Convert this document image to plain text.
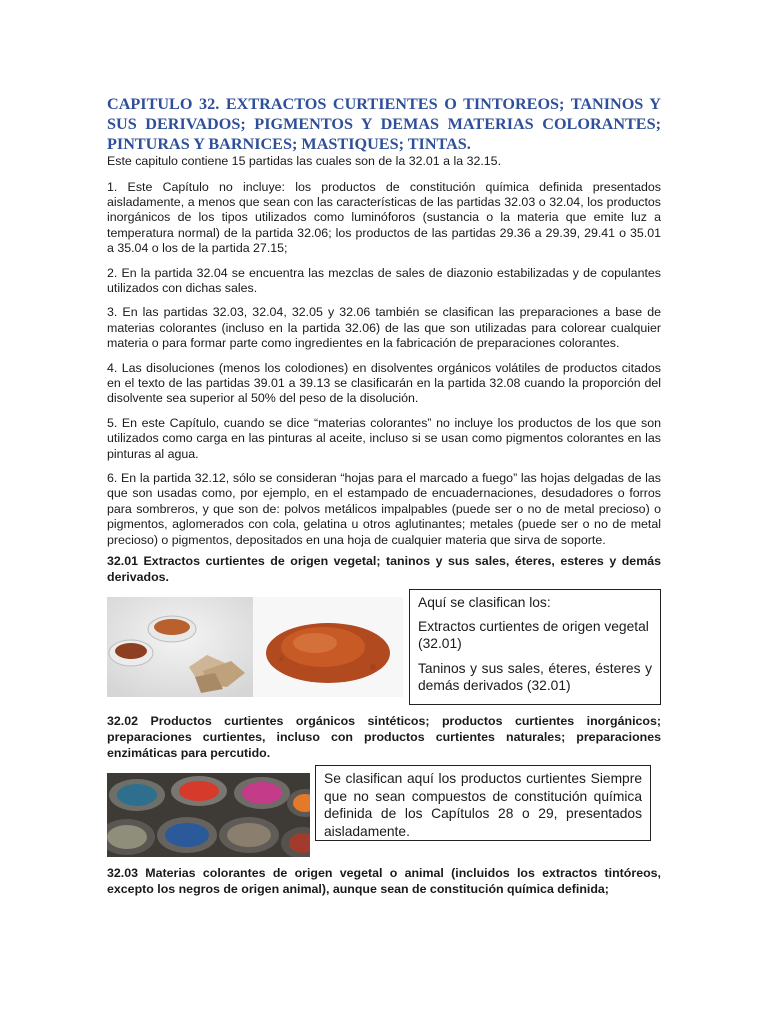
CAPITULO 32. EXTRACTOS CURTIENTES O TINTOREOS; TANINOS Y SUS DERIVADOS; PIGMENTOS Y DEMAS MATERIAS COLORANTES; PINTURAS Y BARNICES; MASTIQUES; TINTAS.

Este capitulo contiene 15 partidas las cuales son de la 32.01 a la 32.15.

1. Este Capítulo no incluye: los productos de constitución química definida presentados aisladamente, a menos que sean con las características de las partidas 32.03 o 32.04, los productos inorgánicos de los tipos utilizados como luminóforos (sustancia o la materia que emite luz a temperatura normal) de la partida 32.06; los productos de las partidas 29.36 a 29.39, 29.41 o 35.01 a 35.04 o los de la partida 27.15;

2. En la partida 32.04 se encuentra las mezclas de sales de diazonio estabilizadas y de copulantes utilizados con dichas sales.

3. En las partidas 32.03, 32.04, 32.05 y 32.06 también se clasifican las preparaciones a base de materias colorantes (incluso en la partida 32.06) de las que son utilizadas para colorear cualquier materia o para formar parte como ingredientes en la fabricación de preparaciones colorantes.

4. Las disoluciones (menos los colodiones) en disolventes orgánicos volátiles de productos citados en el texto de las partidas 39.01 a 39.13 se clasificarán en la partida 32.08 cuando la proporción del disolvente sea superior al 50% del peso de la disolución.

5. En este Capítulo, cuando se dice “materias colorantes” no incluye los productos de los que son utilizados como carga en las pinturas al aceite, incluso si se usan como pigmentos colorantes en las pinturas al agua.

6. En la partida 32.12, sólo se consideran “hojas para el marcado a fuego” las hojas delgadas de las que son usadas como, por ejemplo, en el estampado de encuadernaciones, desudadores o forros para sombreros, y que son de: polvos metálicos impalpables (puede ser o no de metal precioso) o pigmentos, aglomerados con cola, gelatina u otros aglutinantes; metales (puede ser o no de metal precioso) o pigmentos, depositados en una hoja de cualquier materia que sirva de soporte.

32.01 Extractos curtientes de origen vegetal; taninos y sus sales, éteres, esteres y demás derivados.

Aquí se clasifican los:

Extractos curtientes de origen vegetal (32.01)

Taninos y sus sales, éteres, ésteres y demás derivados (32.01)

32.02 Productos curtientes orgánicos sintéticos; productos curtientes inorgánicos; preparaciones curtientes, incluso con productos curtientes naturales; preparaciones enzimáticas para percutido.

Se clasifican aquí los productos curtientes Siempre que no sean compuestos de constitución química definida de los Capítulos 28 o 29, presentados aisladamente.

32.03 Materias colorantes de origen vegetal o animal (incluidos los extractos tintóreos, excepto los negros de origen animal), aunque sean de constitución química definida;
